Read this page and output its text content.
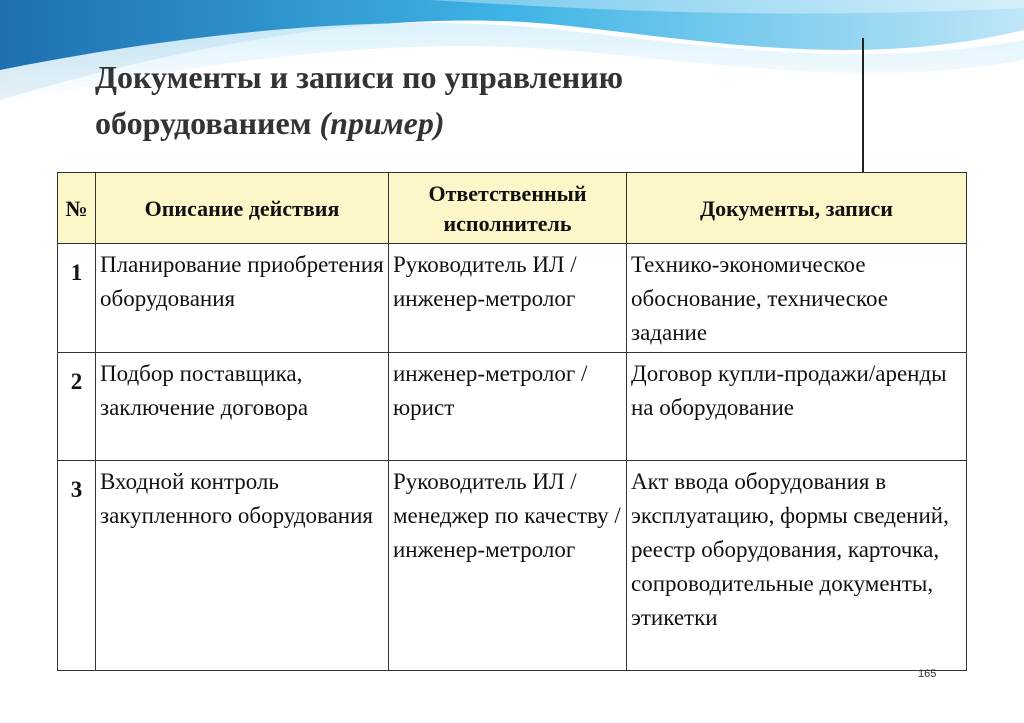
Документы и записи по управлению
оборудованием (пример)
№	Описание действия	Ответственный исполнитель	Документы, записи
1	Планирование приобретения оборудования	Руководитель ИЛ / инженер-метролог	Технико-экономическое обоснование, техническое задание
2	Подбор поставщика, заключение договора	инженер-метролог / юрист	Договор купли-продажи/аренды на оборудование
3	Входной контроль закупленного оборудования	Руководитель ИЛ / менеджер по качеству / инженер-метролог	Акт ввода оборудования в эксплуатацию, формы сведений, реестр оборудования, карточка, сопроводительные документы, этикетки
165
